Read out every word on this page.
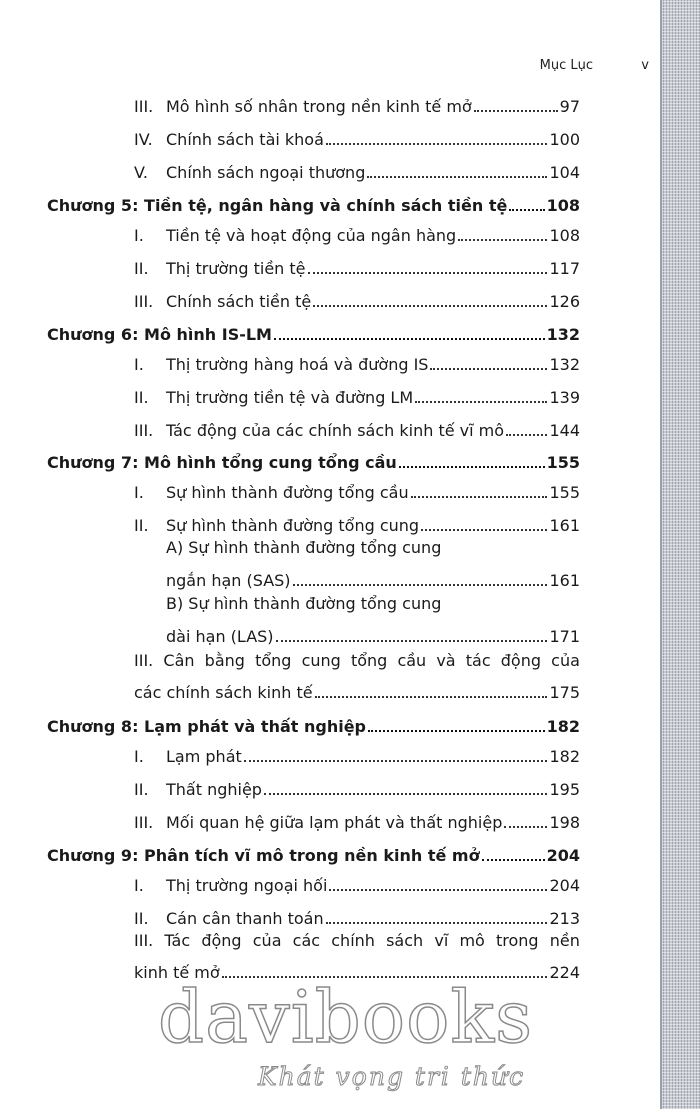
Mục Lục	v
III. Mô hình số nhân trong nền kinh tế mở	97
IV. Chính sách tài khoá	100
V.	Chính sách ngoại thương	104
Chương 5: Tiền tệ, ngân hàng và chính sách tiền tệ 108
I.	Tiền tệ và hoạt động của ngân hàng	108
II.	Thị trường tiền tệ	117
III. Chính sách tiền tệ	126
Chương 6: Mô hình IS-LM	132
I.	Thị trường hàng hoá và đường IS	132
II.	Thị trường tiền tệ và đường LM	139
III. Tác động của các chính sách kinh tế vĩ mô	144
Chương 7: Mô hình tổng cung tổng cầu	155
I.	Sự hình thành đường tổng cầu	155
II.	Sự hình thành đường tổng cung	161
A) Sự hình thành đường tổng cung
ngắn hạn (SAS)	161
B) Sự hình thành đường tổng cung
dài hạn (LAS)	171
III. Cân bằng tổng cung tổng cầu và tác động của
các chính sách kinh tế	175
Chương 8: Lạm phát và thất nghiệp	182
I.	Lạm phát	182
II.	Thất nghiệp	195
III. Mối quan hệ giữa lạm phát và thất nghiệp	198
Chương 9: Phân tích vĩ mô trong nền kinh tế mở	204
I.	Thị trường ngoại hối	204
II.	Cán cân thanh toán	213
III. Tác động của các chính sách vĩ mô trong nền
kinh tế mở	224
davibooks
Khát vọng tri thức
